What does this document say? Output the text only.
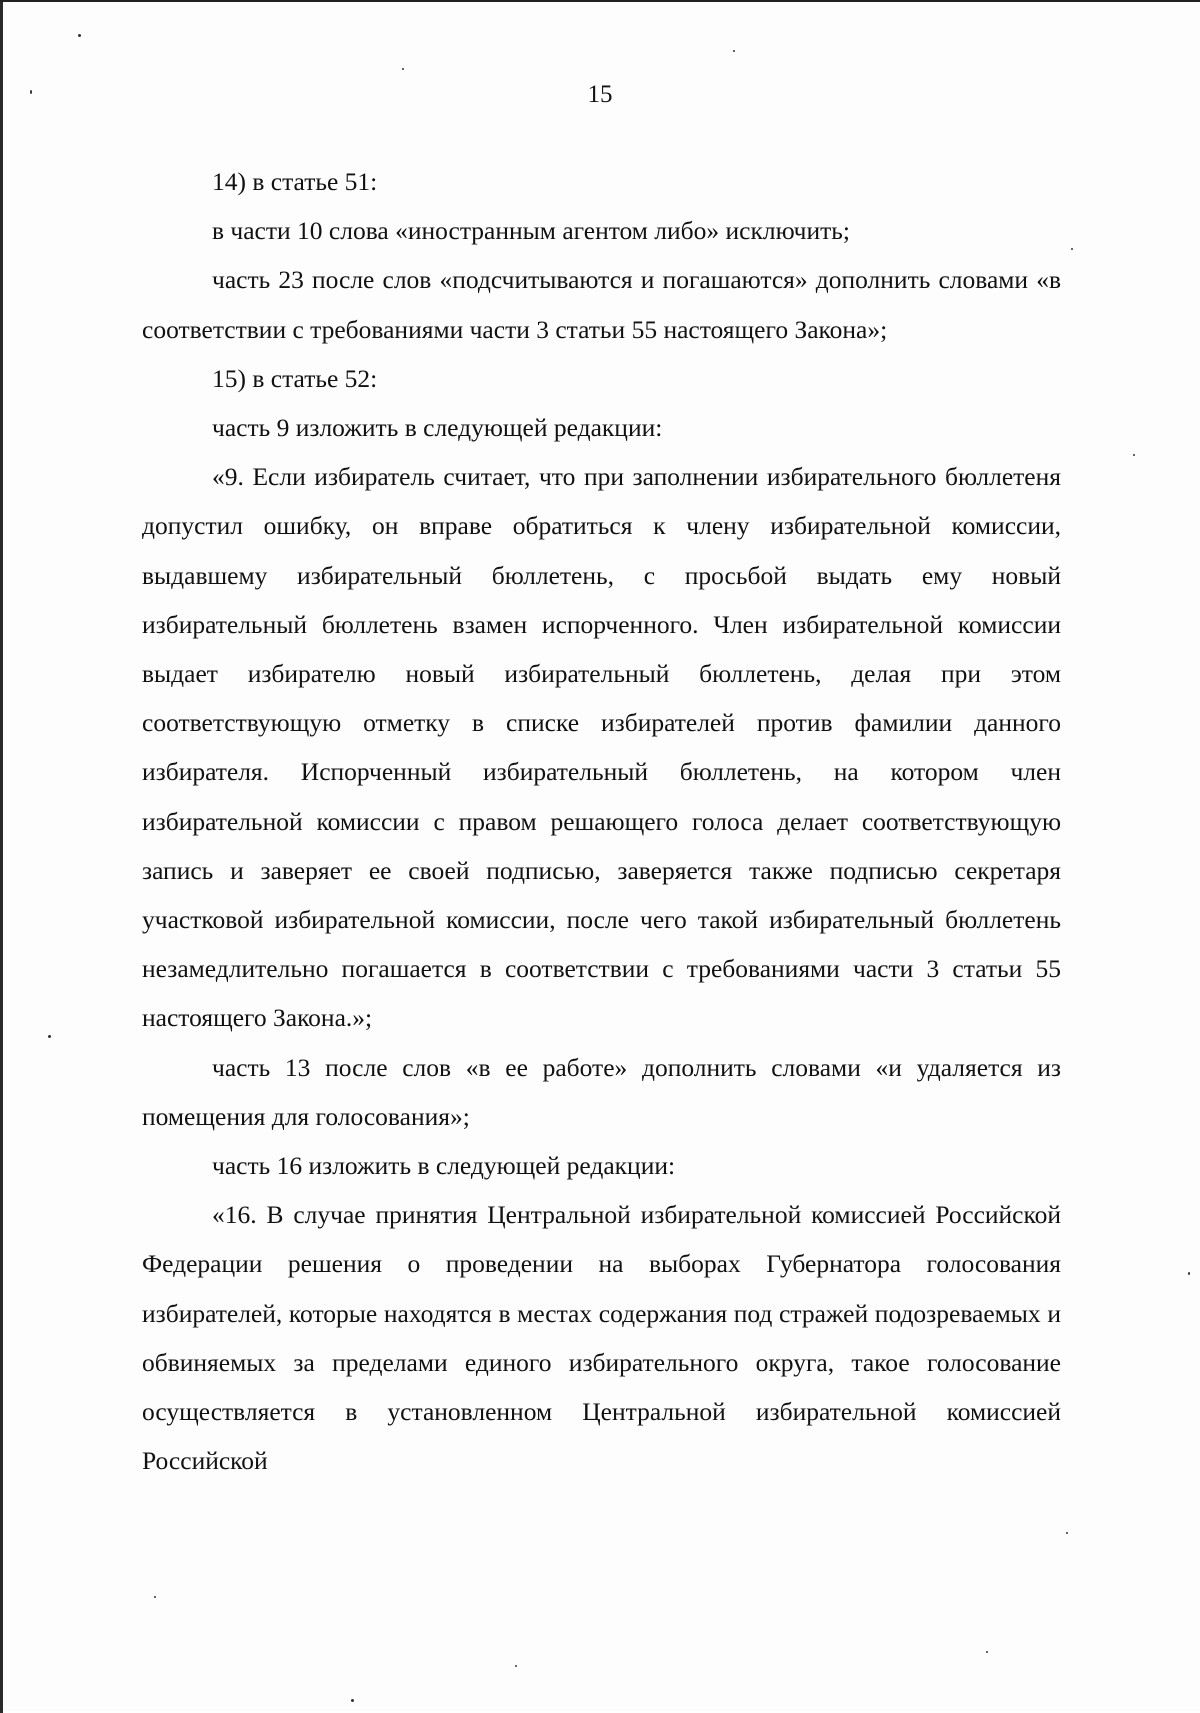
15

14) в статье 51:

в части 10 слова «иностранным агентом либо» исключить;

часть 23 после слов «подсчитываются и погашаются» дополнить словами «в соответствии с требованиями части 3 статьи 55 настоящего Закона»;

15) в статье 52:

часть 9 изложить в следующей редакции:

«9. Если избиратель считает, что при заполнении избирательного бюллетеня допустил ошибку, он вправе обратиться к члену избирательной комиссии, выдавшему избирательный бюллетень, с просьбой выдать ему новый избирательный бюллетень взамен испорченного. Член избирательной комиссии выдает избирателю новый избирательный бюллетень, делая при этом соответствующую отметку в списке избирателей против фамилии данного избирателя. Испорченный избирательный бюллетень, на котором член избирательной комиссии с правом решающего голоса делает соответствующую запись и заверяет ее своей подписью, заверяется также подписью секретаря участковой избирательной комиссии, после чего такой избирательный бюллетень незамедлительно погашается в соответствии с требованиями части 3 статьи 55 настоящего Закона.»;

часть 13 после слов «в ее работе» дополнить словами «и удаляется из помещения для голосования»;

часть 16 изложить в следующей редакции:

«16. В случае принятия Центральной избирательной комиссией Российской Федерации решения о проведении на выборах Губернатора голосования избирателей, которые находятся в местах содержания под стражей подозреваемых и обвиняемых за пределами единого избирательного округа, такое голосование осуществляется в установленном Центральной избирательной комиссией Российской
